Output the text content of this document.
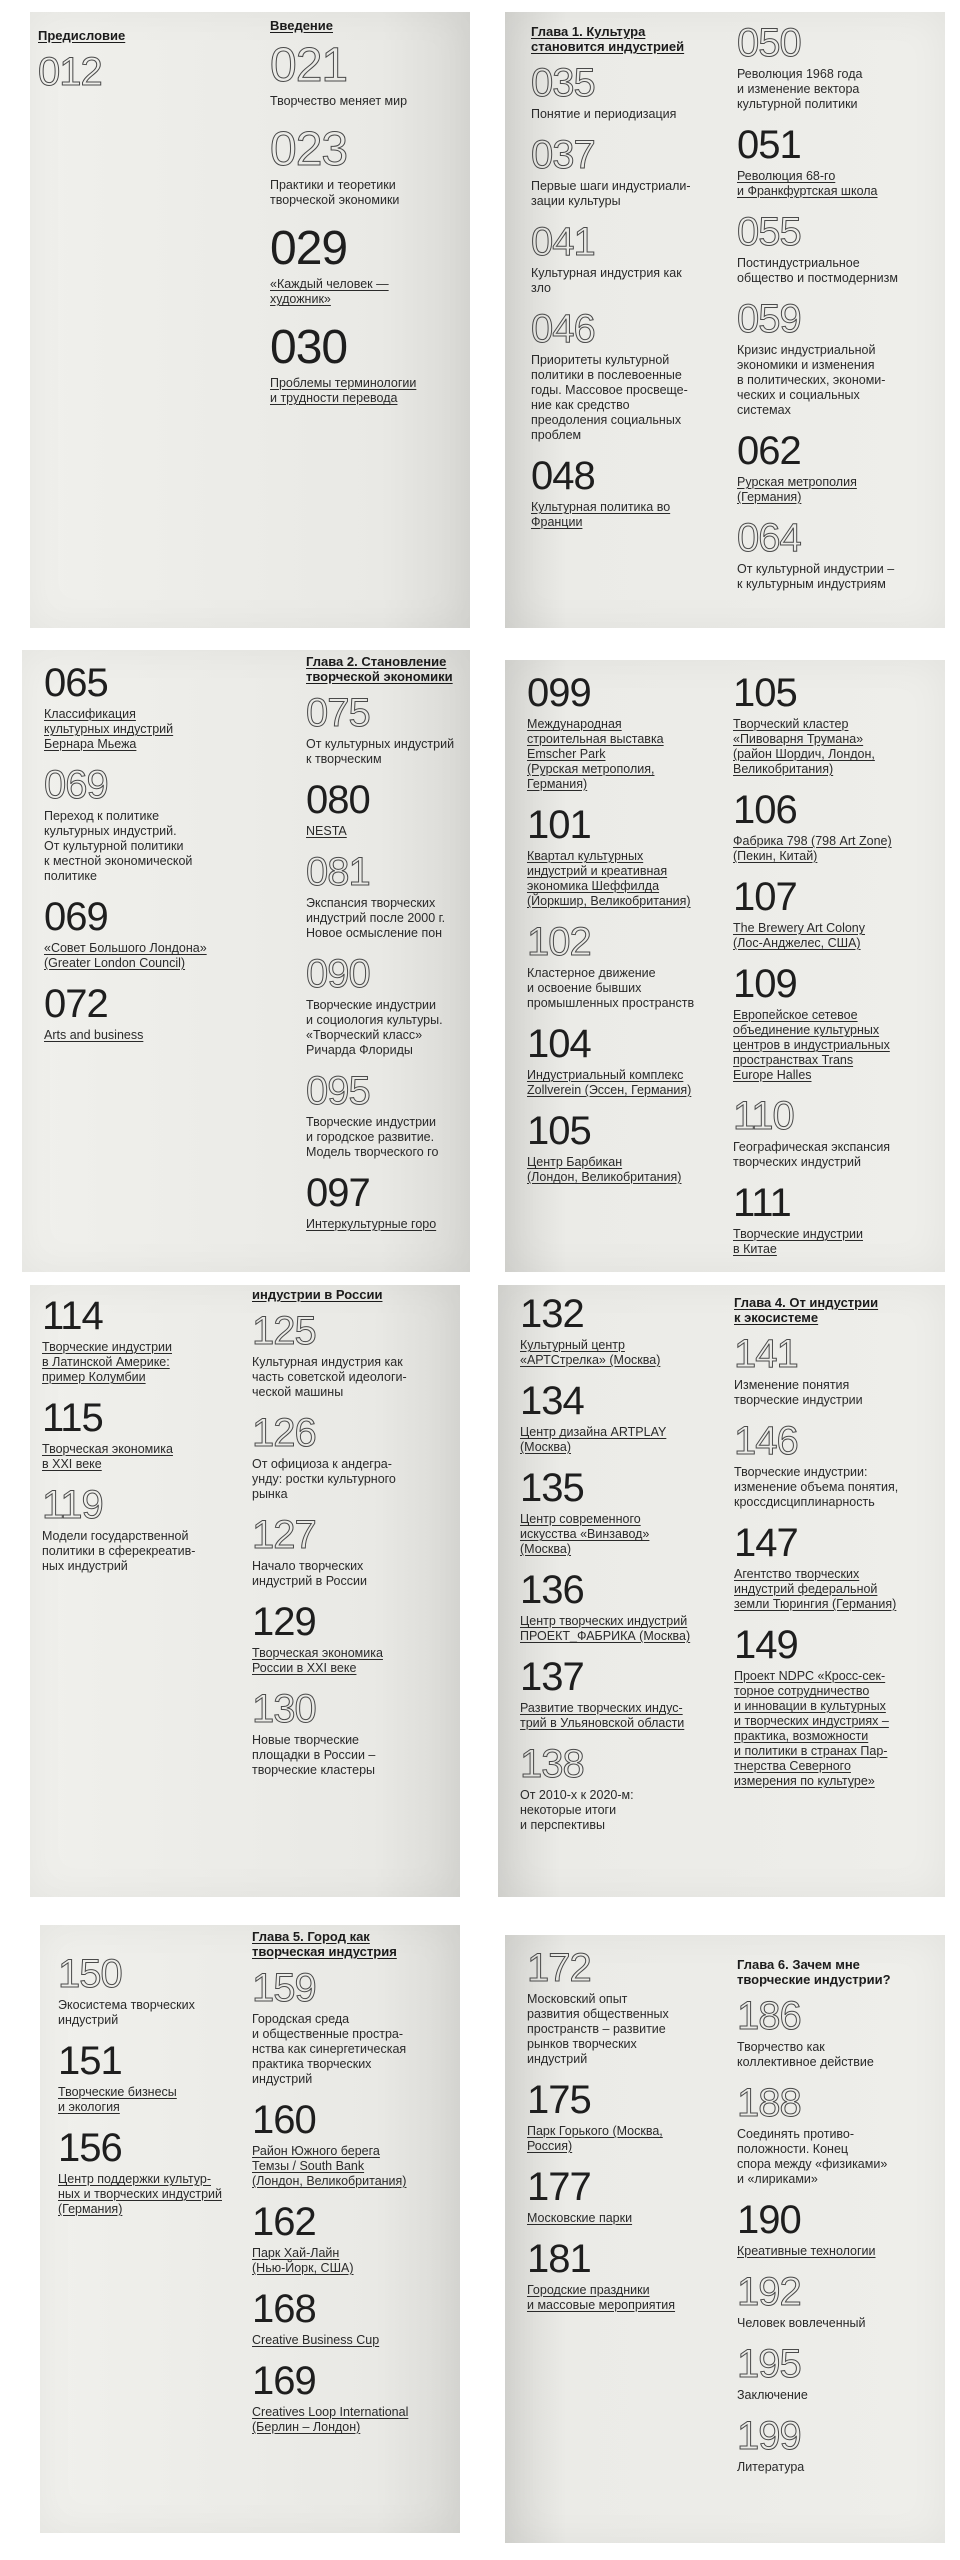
Предисловие
012
Введение
021
Творчество меняет мир
023
Практики и теоретики
творческой экономики
029
«Каждый человек —
художник»
030
Проблемы терминологии
и трудности перевода
Глава 1. Культура
становится индустрией
035
Понятие и периодизация
037
Первые шаги индустриали-
зации культуры
041
Культурная индустрия как
зло
046
Приоритеты культурной
политики в послевоенные
годы. Массовое просвеще-
ние как средство
преодоления социальных
проблем
048
Культурная политика во
Франции
050
Революция 1968 года
и изменение вектора
культурной политики
051
Революция 68-го
и Франкфуртская школа
055
Постиндустриальное
общество и постмодернизм
059
Кризис индустриальной
экономики и изменения
в политических, экономи-
ческих и социальных
системах
062
Рурская метрополия
(Германия)
064
От культурной индустрии –
к культурным индустриям
065
Классификация
культурных индустрий
Бернара Мьежа
069
Переход к политике
культурных индустрий.
От культурной политики
к местной экономической
политике
069
«Совет Большого Лондона»
(Greater London Council)
072
Arts and business
Глава 2. Становление
творческой экономики
075
От культурных индустрий
к творческим
080
NESTA
081
Экспансия творческих
индустрий после 2000 г.
Новое осмысление пон
090
Творческие индустрии
и социология культуры.
«Творческий класс»
Ричарда Флориды
095
Творческие индустрии
и городское развитие.
Модель творческого го
097
Интеркультурные горо
099
Международная
строительная выставка
Emscher Park
(Рурская метрополия,
Германия)
101
Квартал культурных
индустрий и креативная
экономика Шеффилда
(Йоркшир, Великобритания)
102
Кластерное движение
и освоение бывших
промышленных пространств
104
Индустриальный комплекс
Zollverein (Эссен, Германия)
105
Центр Барбикан
(Лондон, Великобритания)
105
Творческий кластер
«Пивоварня Трумана»
(район Шордич, Лондон,
Великобритания)
106
Фабрика 798 (798 Art Zone)
(Пекин, Китай)
107
The Brewery Art Colony
(Лос-Анджелес, США)
109
Европейское сетевое
объединение культурных
центров в индустриальных
пространствах Trans
Europe Halles
110
Географическая экспансия
творческих индустрий
111
Творческие индустрии
в Китае
114
Творческие индустрии
в Латинской Америке:
пример Колумбии
115
Творческая экономика
в XXI веке
119
Модели государственной
политики в сферекреатив-
ных индустрий
индустрии в России
125
Культурная индустрия как
часть советской идеологи-
ческой машины
126
От официоза к андегра-
унду: ростки культурного
рынка
127
Начало творческих
индустрий в России
129
Творческая экономика
России в XXI веке
130
Новые творческие
площадки в России –
творческие кластеры
132
Культурный центр
«АРТСтрелка» (Москва)
134
Центр дизайна ARTPLAY
(Москва)
135
Центр современного
искусства «Винзавод»
(Москва)
136
Центр творческих индустрий
ПРОЕКТ_ФАБРИКА (Москва)
137
Развитие творческих индус-
трий в Ульяновской области
138
От 2010-х к 2020-м:
некоторые итоги
и перспективы
Глава 4. От индустрии
к экосистеме
141
Изменение понятия
творческие индустрии
146
Творческие индустрии:
изменение объема понятия,
кроссдисциплинарность
147
Агентство творческих
индустрий федеральной
земли Тюрингия (Германия)
149
Проект NDPC «Кросс-сек-
торное сотрудничество
и инновации в культурных
и творческих индустриях –
практика, возможности
и политики в странах Пар-
тнерства Северного
измерения по культуре»
150
Экосистема творческих
индустрий
151
Творческие бизнесы
и экология
156
Центр поддержки культур-
ных и творческих индустрий
(Германия)
Глава 5. Город как
творческая индустрия
159
Городская среда
и общественные простра-
нства как синергетическая
практика творческих
индустрий
160
Район Южного берега
Темзы / South Bank
(Лондон, Великобритания)
162
Парк Хай-Лайн
(Нью-Йорк, США)
168
Creative Business Cup
169
Creatives Loop International
(Берлин – Лондон)
172
Московский опыт
развития общественных
пространств – развитие
рынков творческих
индустрий
175
Парк Горького (Москва,
Россия)
177
Московские парки
181
Городские праздники
и массовые мероприятия
Глава 6. Зачем мне
творческие индустрии?
186
Творчество как
коллективное действие
188
Соединять противо-
положности. Конец
спора между «физиками»
и «лириками»
190
Креативные технологии
192
Человек вовлеченный
195
Заключение
199
Литература
